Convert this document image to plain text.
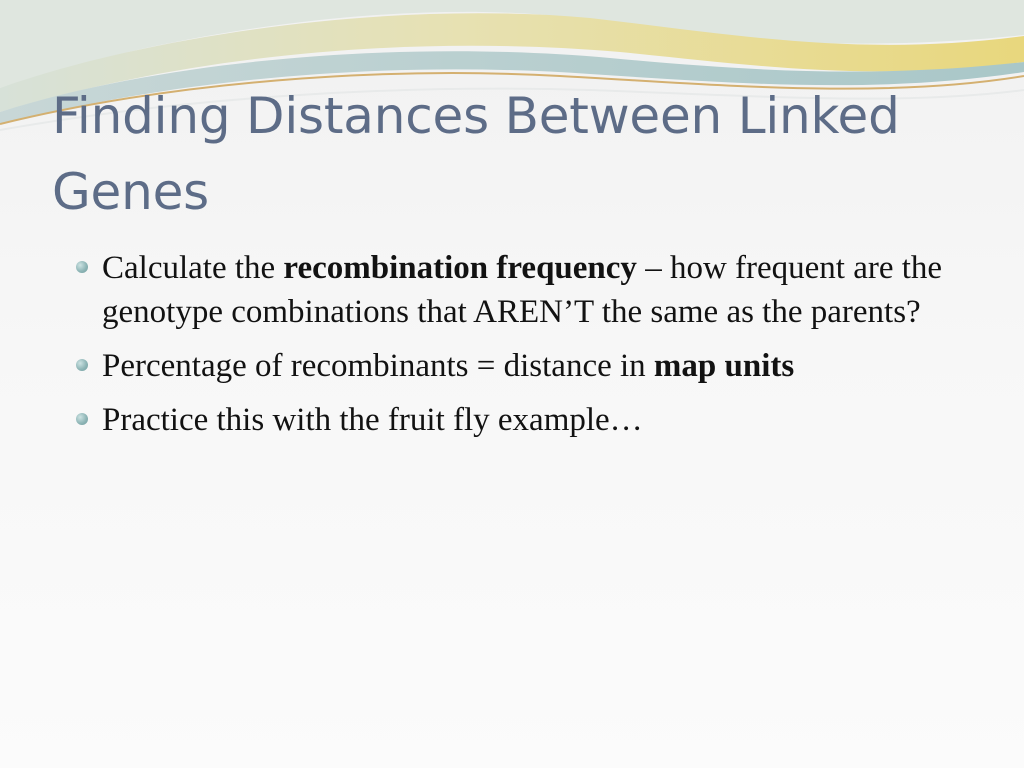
Finding Distances Between Linked Genes
Calculate the recombination frequency – how frequent are the genotype combinations that AREN’T the same as the parents?
Percentage of recombinants = distance in map units
Practice this with the fruit fly example…
